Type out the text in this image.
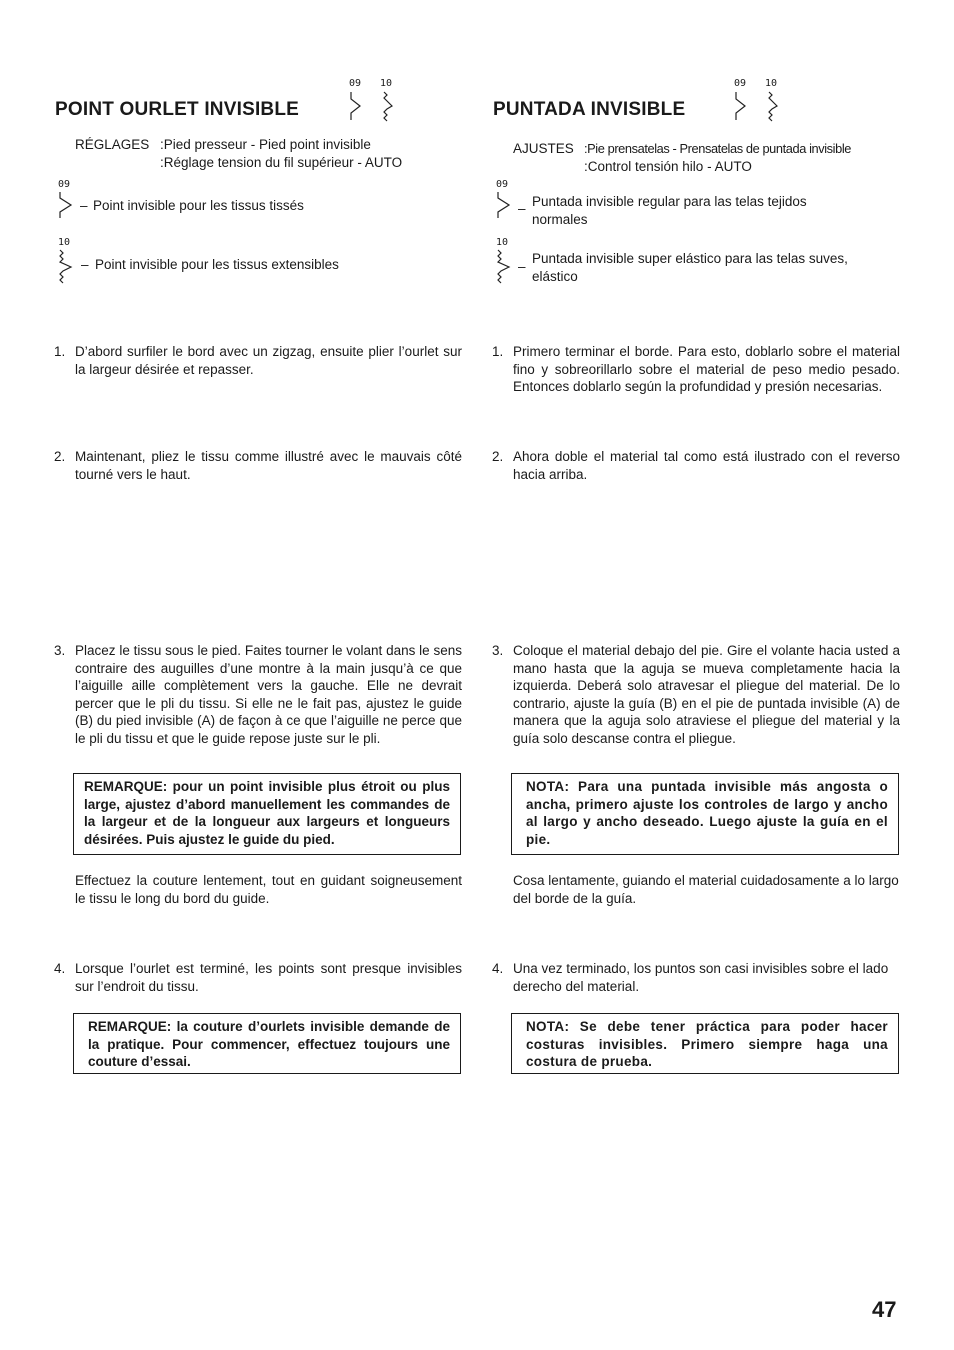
POINT OURLET INVISIBLE
09 10
RÉGLAGES :Pied presseur - Pied point invisible
:Réglage tension du fil supérieur - AUTO
09
– Point invisible pour les tissus tissés
10
– Point invisible pour les tissus extensibles
1. D’abord surfiler le bord avec un zigzag, ensuite plier l’ourlet sur la largeur désirée et repasser.
2. Maintenant, pliez le tissu comme illustré avec le mauvais côté tourné vers le haut.
3. Placez le tissu sous le pied. Faites tourner le volant dans le sens contraire des auguilles d’une montre à la main jusqu’à ce que l’aiguille aille complètement vers la gauche. Elle ne devrait percer que le pli du tissu. Si elle ne le fait pas, ajustez le guide (B) du pied invisible (A) de façon à ce que l’aiguille ne perce que le pli du tissu et que le guide repose juste sur le pli.
REMARQUE: pour un point invisible plus étroit ou plus large, ajustez d’abord manuellement les commandes de la largeur et de la longueur aux largeurs et longueurs désirées. Puis ajustez le guide du pied.
Effectuez la couture lentement, tout en guidant soigneusement le tissu le long du bord du guide.
4. Lorsque l’ourlet est terminé, les points sont presque invisibles sur l’endroit du tissu.
REMARQUE: la couture d’ourlets invisible demande de la pratique. Pour commencer, effectuez toujours une couture d’essai.
PUNTADA INVISIBLE
09 10
AJUSTES :Pie prensatelas - Prensatelas de puntada invisible
:Control tensión hilo - AUTO
09
– Puntada invisible regular para las telas tejidos normales
10
–
Puntada invisible super elástico para las telas suves, elástico
1. Primero terminar el borde. Para esto, doblarlo sobre el material fino y sobreorillarlo sobre el material de peso medio pesado. Entonces doblarlo según la profundidad y presión necesarias.
2. Ahora doble el material tal como está ilustrado con el reverso hacia arriba.
3. Coloque el material debajo del pie. Gire el volante hacia usted a mano hasta que la aguja se mueva completamente hacia la izquierda. Deberá solo atravesar el pliegue del material. De lo contrario, ajuste la guía (B) en el pie de puntada invisible (A) de manera que la aguja solo atraviese el pliegue del material y la guía solo descanse contra el pliegue.
NOTA: Para una puntada invisible más angosta o ancha, primero ajuste los controles de largo y ancho al largo y ancho deseado. Luego ajuste la guía en el pie.
Cosa lentamente, guiando el material cuidadosamente a lo largo del borde de la guía.
4. Una vez terminado, los puntos son casi invisibles sobre el lado derecho del material.
NOTA: Se debe tener práctica para poder hacer costuras invisibles. Primero siempre haga una costura de prueba.
47
